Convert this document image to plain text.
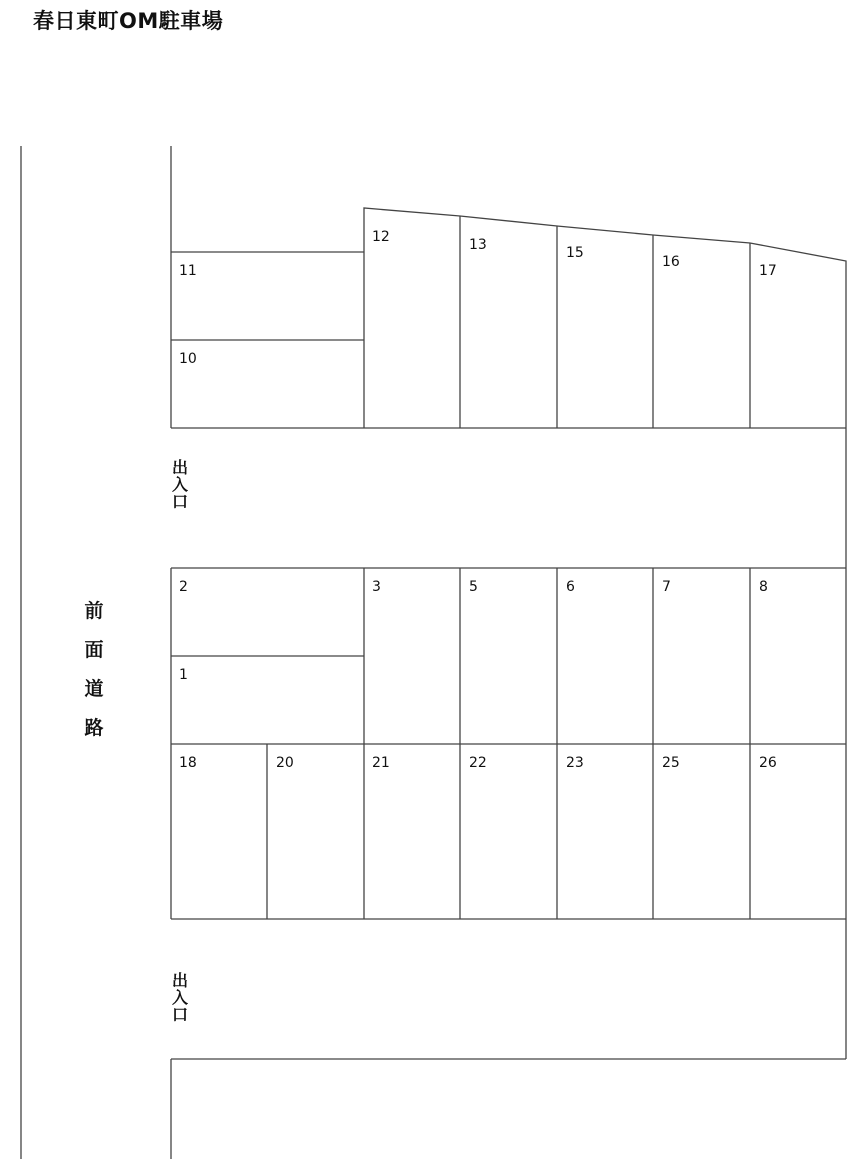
春日東町OM駐車場
前
面
道
路
出
入
口
出
入
口
11
10
12	13	15
16
17
2
1
3	5	6	7	8
18	20	21	22	23	25	26
